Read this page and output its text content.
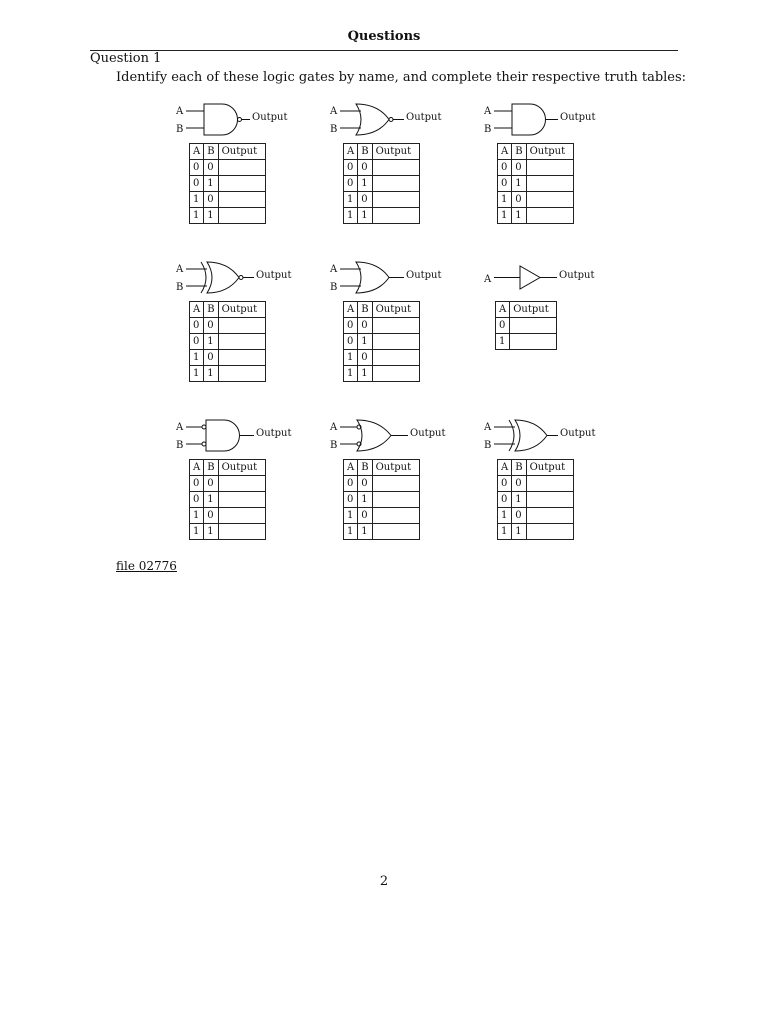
Questions
Question 1
Identify each of these logic gates by name, and complete their respective truth tables:
A
B
Output
A	B	Output
0	0	
0	1	
1	0	
1	1	
A
B
Output
A	B	Output
0	0	
0	1	
1	0	
1	1	
A
B
Output
A	B	Output
0	0	
0	1	
1	0	
1	1	
A
B
Output
A	B	Output
0	0	
0	1	
1	0	
1	1	
A
B
Output
A	B	Output
0	0	
0	1	
1	0	
1	1	
A	Output
A	Output
0	
1	
A
B
Output
A	B	Output
0	0	
0	1	
1	0	
1	1	
A
B
Output
A	B	Output
0	0	
0	1	
1	0	
1	1	
A
B
Output
A	B	Output
0	0	
0	1	
1	0	
1	1	
file 02776
2
